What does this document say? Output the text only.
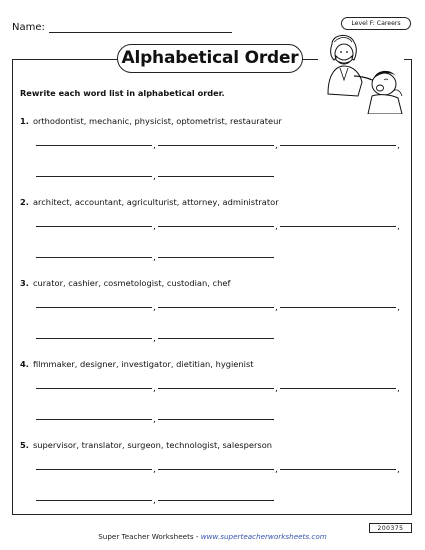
Name:	Level F: Careers
Alphabetical Order
Rewrite each word list in alphabetical order.
1. orthodontist, mechanic, physicist, optometrist, restaurateur
,	,	,
,
2. architect, accountant, agriculturist, attorney, administrator
,	,	,
,
3. curator, cashier, cosmetologist, custodian, chef
,	,	,
,
4. filmmaker, designer, investigator, dietitian, hygienist
,	,	,
,
5. supervisor, translator, surgeon, technologist, salesperson
,	,	,
,
200375
Super Teacher Worksheets - www.superteacherworksheets.com
